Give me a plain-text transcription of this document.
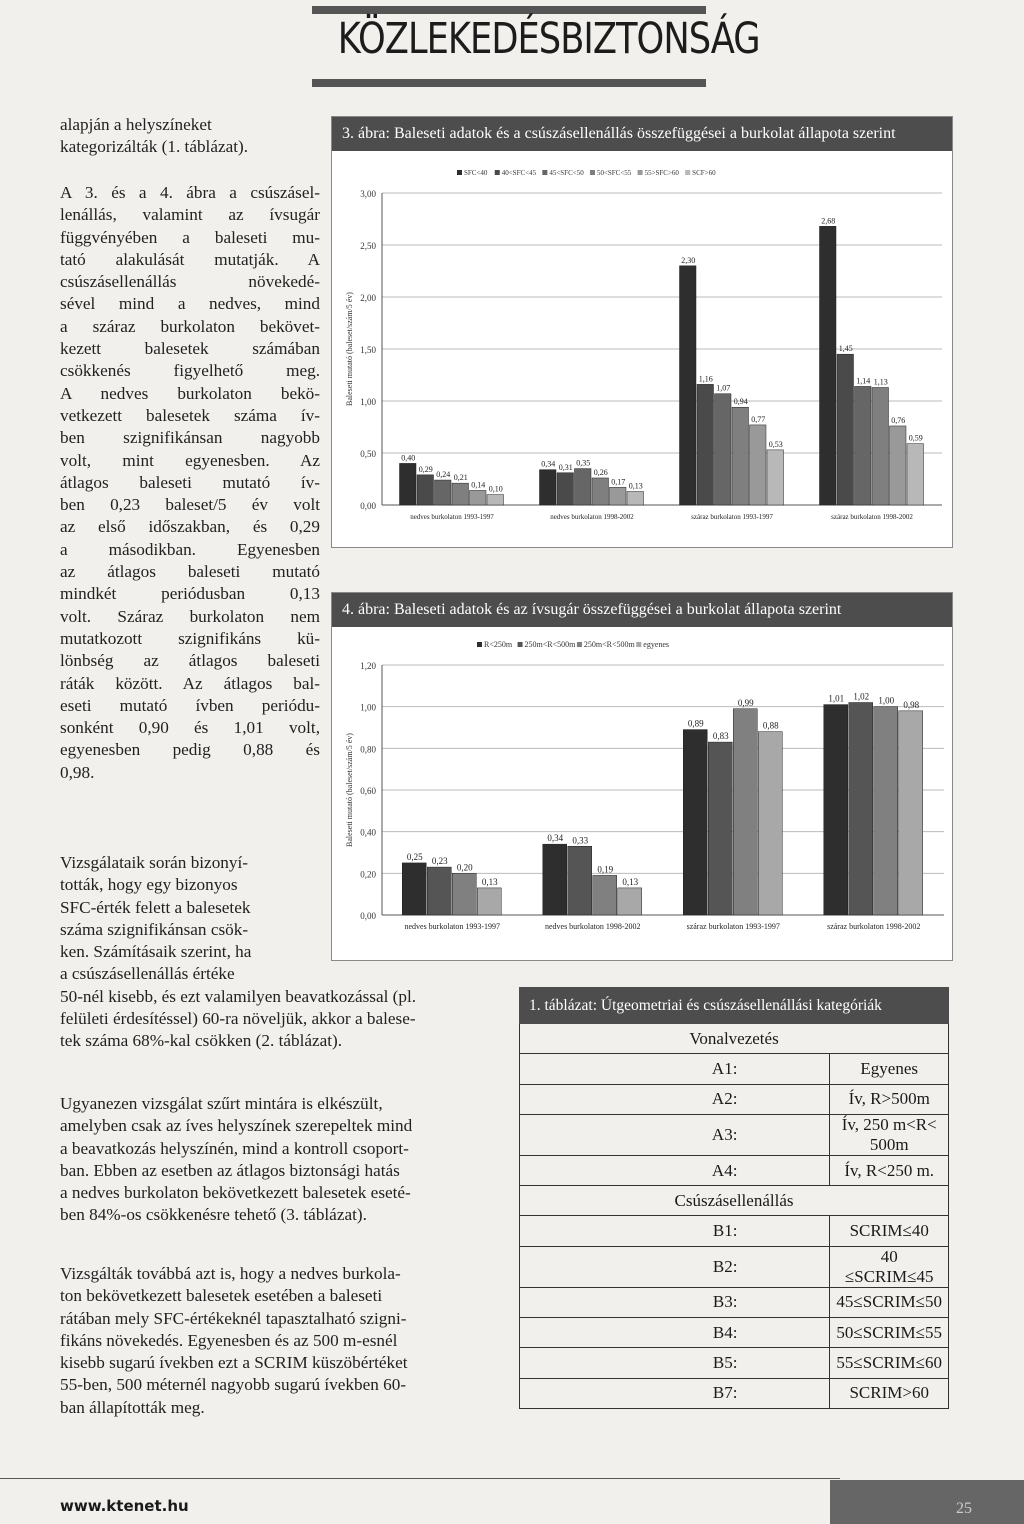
KÖZLEKEDÉSBIZTONSÁG
alapján a helyszíneket kategorizálták (1. táblázat).
A 3. és a 4. ábra a csúszásel-
lenállás, valamint az ívsugár
függvényében a baleseti mu-
tató alakulását mutatják. A
csúszásellenállás növekedé-
sével mind a nedves, mind
a száraz burkolaton bekövet-
kezett balesetek számában
csökkenés figyelhető meg.
A nedves burkolaton bekö-
vetkezett balesetek száma ív-
ben szignifikánsan nagyobb
volt, mint egyenesben. Az
átlagos baleseti mutató ív-
ben 0,23 baleset/5 év volt
az első időszakban, és 0,29
a másodikban. Egyenesben
az átlagos baleseti mutató
mindkét periódusban 0,13
volt. Száraz burkolaton nem
mutatkozott szignifikáns kü-
lönbség az átlagos baleseti
ráták között. Az átlagos bal-
eseti mutató ívben periódu-
sonként 0,90 és 1,01 volt,
egyenesben pedig 0,88 és
0,98.
Vizsgálataik során bizonyí-
tották, hogy egy bizonyos
SFC-érték felett a balesetek
száma szignifikánsan csök-
ken. Számításaik szerint, ha
a csúszásellenállás értéke
50-nél kisebb, és ezt valamilyen beavatkozással (pl.
felületi érdesítéssel) 60-ra növeljük, akkor a balese-
tek száma 68%-kal csökken (2. táblázat).
Ugyanezen vizsgálat szűrt mintára is elkészült,
amelyben csak az íves helyszínek szerepeltek mind
a beavatkozás helyszínén, mind a kontroll csoport-
ban. Ebben az esetben az átlagos biztonsági hatás
a nedves burkolaton bekövetkezett balesetek eseté-
ben 84%-os csökkenésre tehető (3. táblázat).
Vizsgálták továbbá azt is, hogy a nedves burkola-
ton bekövetkezett balesetek esetében a baleseti
rátában mely SFC-értékeknél tapasztalható szigni-
fikáns növekedés. Egyenesben és az 500 m-esnél
kisebb sugarú ívekben ezt a SCRIM küszöbértéket
55-ben, 500 méternél nagyobb sugarú ívekben 60-
ban állapították meg.
3. ábra: Baleseti adatok és a csúszásellenállás összefüggései a burkolat állapota szerint
SFC<40 40<SFC<45 45<SFC<50 50<SFC<55 55>SFC>60 SCF>60
0,00
0,50
1,00
1,50
2,00
2,50
3,00
Baleseti mutató (baleset/szám/5 év)
0,40
0,29
0,24 0,21
0,14 0,10
nedves burkolaton 1993-1997
0,34 0,31 0,35
0,26
0,17 0,13
nedves burkolaton 1998-2002
2,30
1,16
1,07
0,94
0,77
0,53
száraz burkolaton 1993-1997
2,68
1,45
1,14 1,13
0,76
0,59
száraz burkolaton 1998-2002
4. ábra: Baleseti adatok és az ívsugár összefüggései a burkolat állapota szerint
R<250m 250m<R<500m 250m<R<500m egyenes
0,00
0,20
0,40
0,60
0,80
1,00
1,20
Baleseti mutató (baleset/szám/5 év)
0,25 0,23
0,20
0,13
nedves burkolaton 1993-1997
0,34 0,33
0,19
0,13
nedves burkolaton 1998-2002
0,89
0,83
0,99
0,88
száraz burkolaton 1993-1997
1,01 1,02 1,00 0,98
száraz burkolaton 1998-2002
1. táblázat: Útgeometriai és csúszásellenállási kategóriák
Vonalvezetés	
A1:	Egyenes
A2:	Ív, R>500m
A3:	Ív, 250 m<R< 500m
A4:	Ív, R<250 m.
Csúszásellenállás	
B1:	SCRIM≤40
B2:	40 ≤SCRIM≤45
B3:	45≤SCRIM≤50
B4:	50≤SCRIM≤55
B5:	55≤SCRIM≤60
B7:	SCRIM>60
www.ktenet.hu	25
